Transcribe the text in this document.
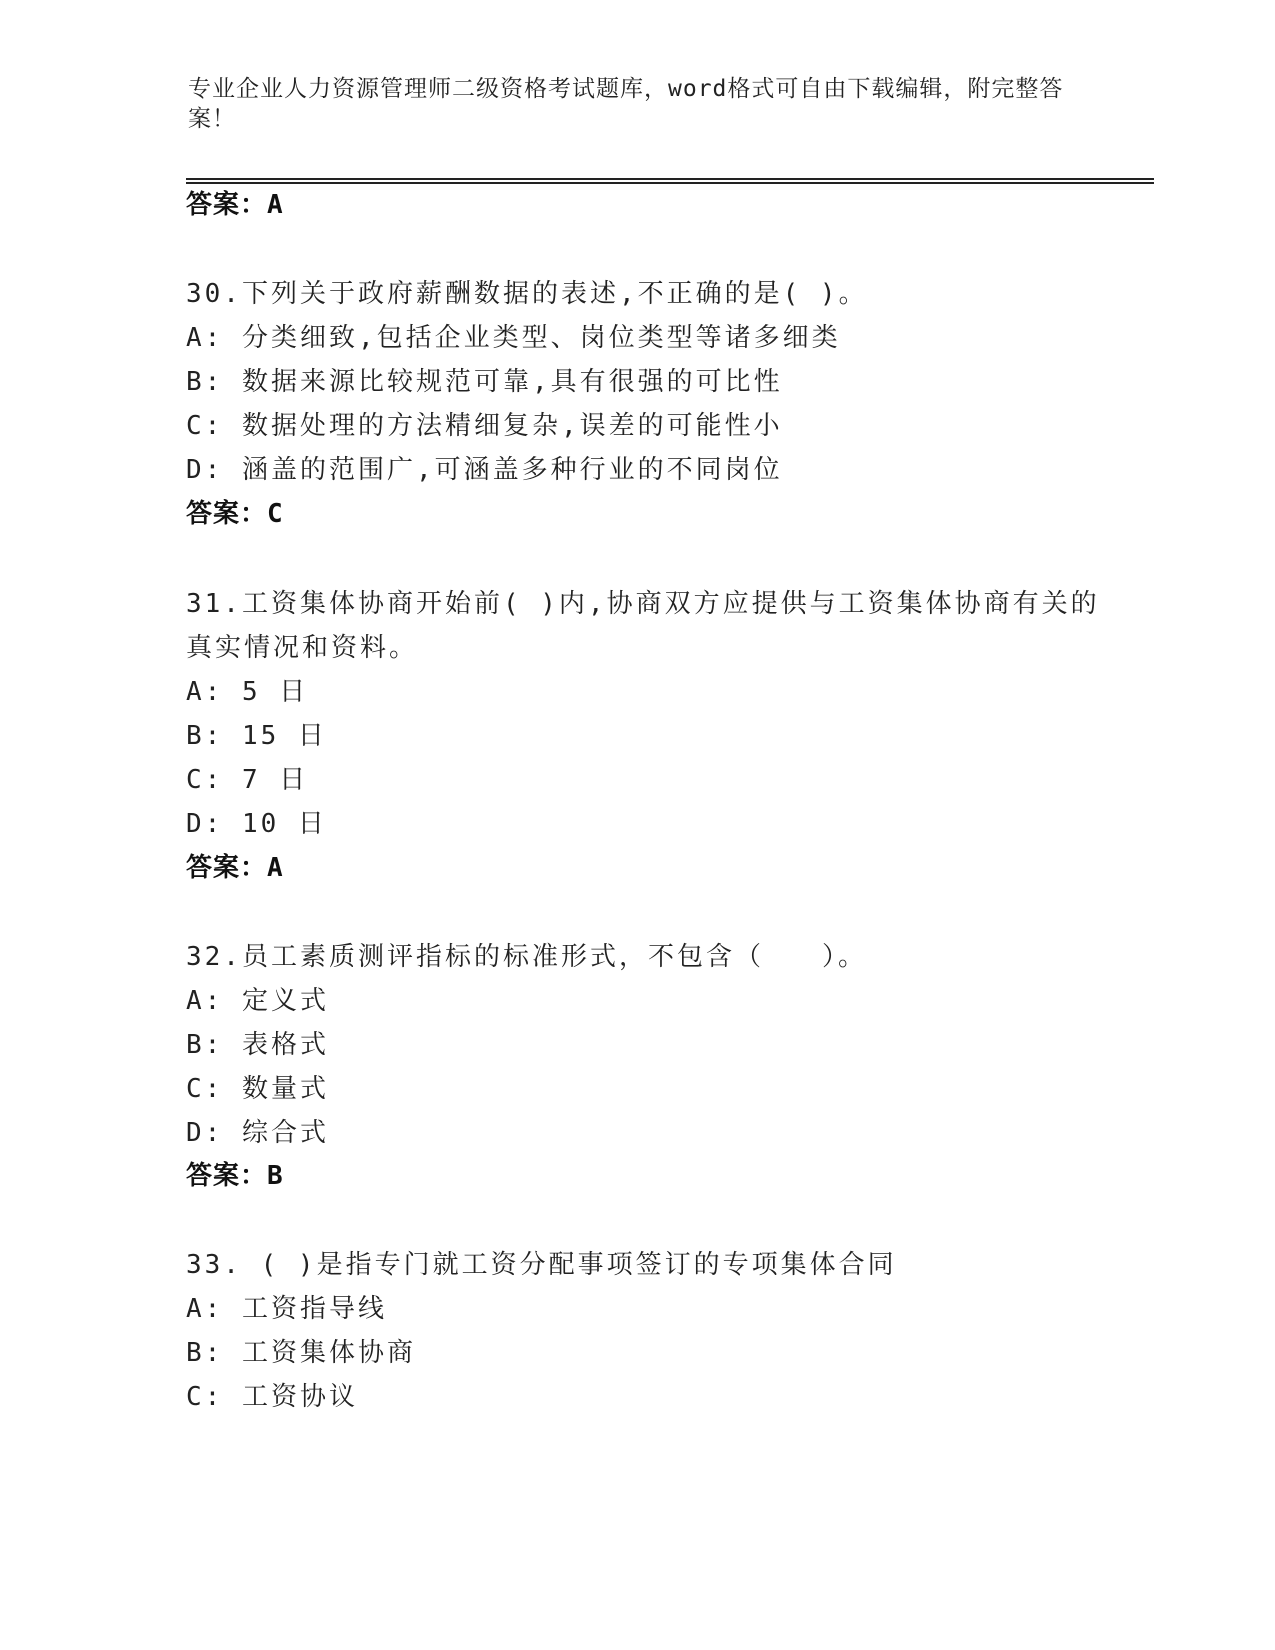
专业企业人力资源管理师二级资格考试题库，word格式可自由下载编辑，附完整答案！
答案：A
30.下列关于政府薪酬数据的表述,不正确的是( )。
A: 分类细致,包括企业类型、岗位类型等诸多细类
B: 数据来源比较规范可靠,具有很强的可比性
C: 数据处理的方法精细复杂,误差的可能性小
D: 涵盖的范围广,可涵盖多种行业的不同岗位
答案：C
31.工资集体协商开始前( )内,协商双方应提供与工资集体协商有关的
真实情况和资料。
A: 5 日
B: 15 日
C: 7 日
D: 10 日
答案：A
32.员工素质测评指标的标准形式，不包含（　　）。
A: 定义式
B: 表格式
C: 数量式
D: 综合式
答案：B
33. ( )是指专门就工资分配事项签订的专项集体合同
A: 工资指导线
B: 工资集体协商
C: 工资协议
